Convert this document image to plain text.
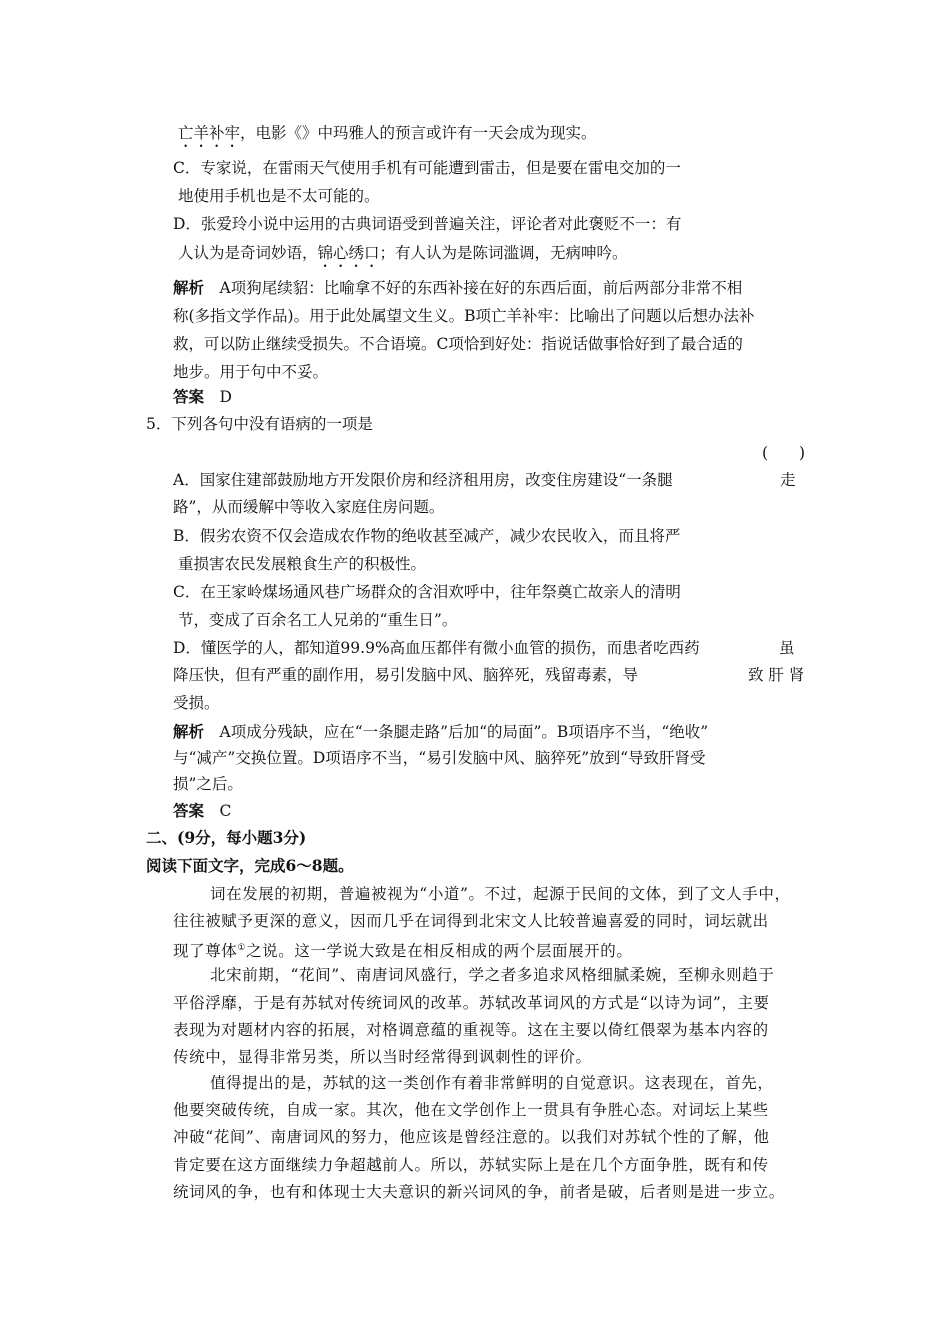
亡羊补牢，电影《》中玛雅人的预言或许有一天会成为现实。
C．专家说，在雷雨天气使用手机有可能遭到雷击，但是要在雷电交加的一
地使用手机也是不太可能的。
D．张爱玲小说中运用的古典词语受到普遍关注，评论者对此褒贬不一：有
人认为是奇词妙语，锦心绣口；有人认为是陈词滥调，无病呻吟。
解析　 A项狗尾续貂：比喻拿不好的东西补接在好的东西后面，前后两部分非常不相
称(多指文学作品)。用于此处属望文生义。B项亡羊补牢：比喻出了问题以后想办法补
救，可以防止继续受损失。不合语境。C项恰到好处：指说话做事恰好到了最合适的
地步。用于句中不妥。
答案　 D
5．下列各句中没有语病的一项是
(　　)
A．国家住建部鼓励地方开发限价房和经济租用房，改变住房建设“一条腿	走
路”，从而缓解中等收入家庭住房问题。
B．假劣农资不仅会造成农作物的绝收甚至减产，减少农民收入，而且将严
重损害农民发展粮食生产的积极性。
C．在王家岭煤场通风巷广场群众的含泪欢呼中，往年祭奠亡故亲人的清明
节，变成了百余名工人兄弟的“重生日”。
D．懂医学的人，都知道99.9%高血压都伴有微小血管的损伤，而患者吃西药	虽
降压快，但有严重的副作用，易引发脑中风、脑猝死，残留毒素，导	致 肝 肾
受损。
解析　 A项成分残缺，应在“一条腿走路”后加“的局面”。B项语序不当，“绝收”
与“减产”交换位置。D项语序不当，“易引发脑中风、脑猝死”放到“导致肝肾受
损”之后。
答案　 C
二、(9分，每小题3分)
阅读下面文字，完成6～8题。
词在发展的初期，普遍被视为“小道”。不过，起源于民间的文体，到了文人手中，
往往被赋予更深的意义，因而几乎在词得到北宋文人比较普遍喜爱的同时，词坛就出
现了尊体①之说。这一学说大致是在相反相成的两个层面展开的。
北宋前期，“花间”、南唐词风盛行，学之者多追求风格细腻柔婉，至柳永则趋于
平俗浮靡，于是有苏轼对传统词风的改革。苏轼改革词风的方式是“以诗为词”，主要
表现为对题材内容的拓展，对格调意蕴的重视等。这在主要以倚红偎翠为基本内容的
传统中，显得非常另类，所以当时经常得到讽刺性的评价。
值得提出的是，苏轼的这一类创作有着非常鲜明的自觉意识。这表现在，首先，
他要突破传统，自成一家。其次，他在文学创作上一贯具有争胜心态。对词坛上某些
冲破“花间”、南唐词风的努力，他应该是曾经注意的。以我们对苏轼个性的了解，他
肯定要在这方面继续力争超越前人。所以，苏轼实际上是在几个方面争胜，既有和传
统词风的争，也有和体现士大夫意识的新兴词风的争，前者是破，后者则是进一步立。
